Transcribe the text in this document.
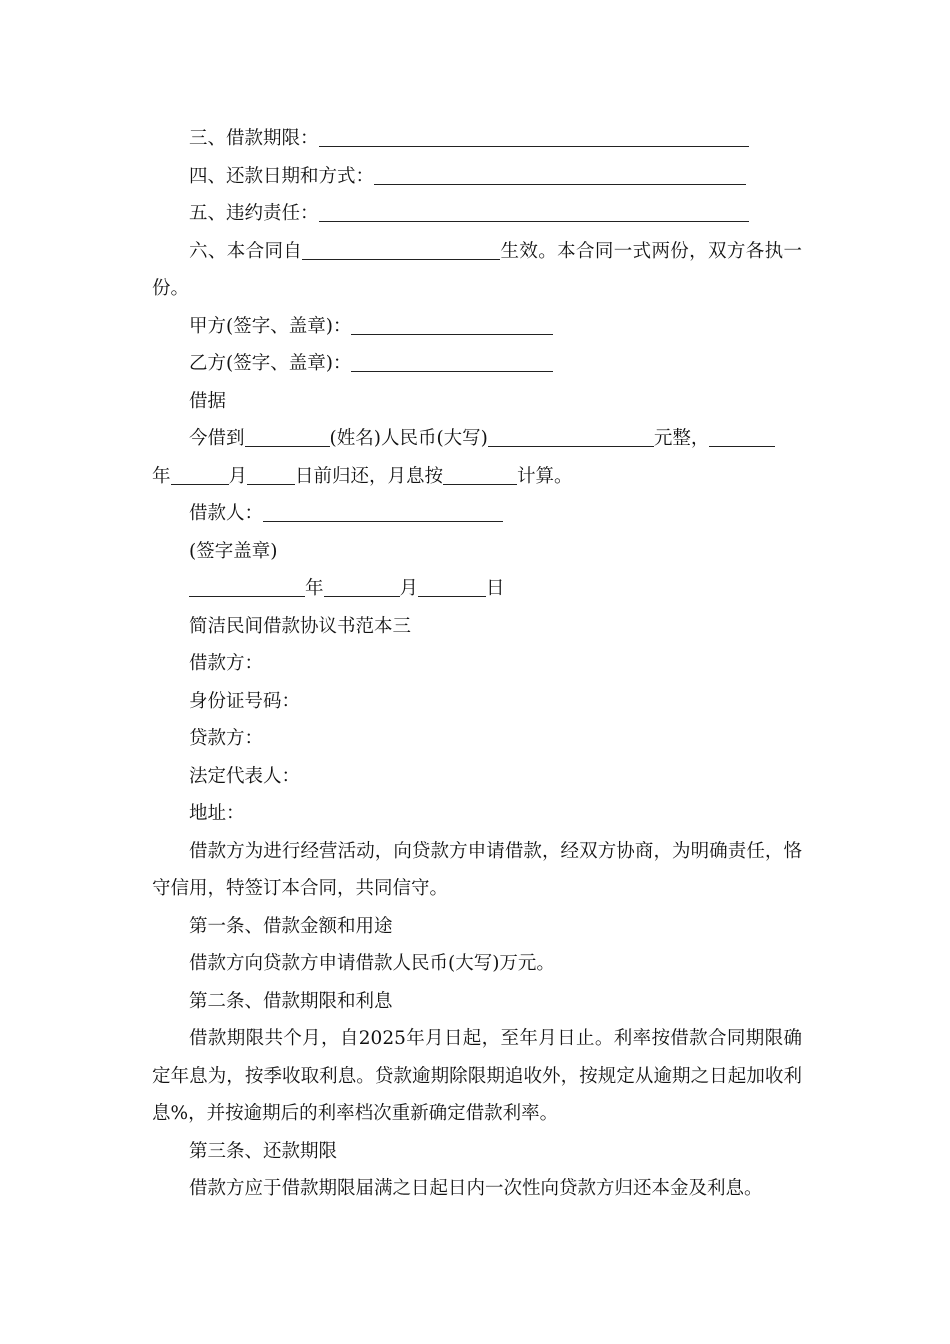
三、借款期限：
四、还款日期和方式：
五、违约责任：
六、本合同自	生效。本合同一式两份，双方各执一份。
甲方(签字、盖章)：
乙方(签字、盖章)：
借据
今借到	(姓名)人民币(大写)	元整，
年	月	日前归还，月息按	计算。
借款人：
(签字盖章)
年	月	日
简洁民间借款协议书范本三
借款方：
身份证号码：
贷款方：
法定代表人：
地址：
借款方为进行经营活动，向贷款方申请借款，经双方协商，为明确责任，恪守信用，特签订本合同，共同信守。
第一条、借款金额和用途
借款方向贷款方申请借款人民币(大写)万元。
第二条、借款期限和利息
借款期限共个月，自2025年月日起，至年月日止。利率按借款合同期限确定年息为，按季收取利息。贷款逾期除限期追收外，按规定从逾期之日起加收利息%，并按逾期后的利率档次重新确定借款利率。
第三条、还款期限
借款方应于借款期限届满之日起日内一次性向贷款方归还本金及利息。
